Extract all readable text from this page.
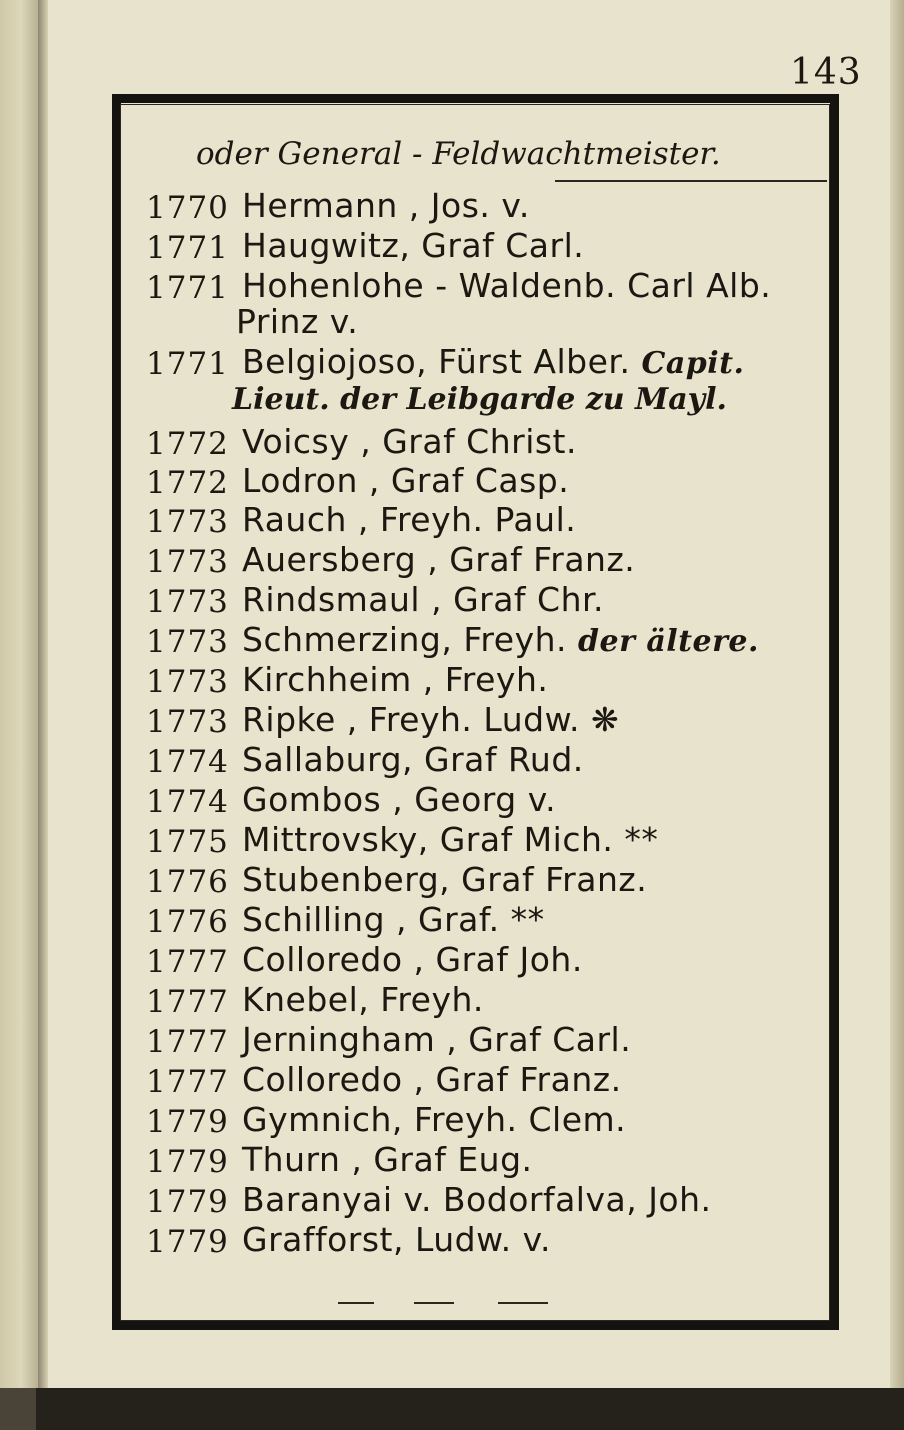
143
oder General - Feldwachtmeister.
1770 Hermann , Jos. v.
1771 Haugwitz, Graf Carl.
1771 Hohenlohe - Waldenb. Carl Alb.
Prinz v.
1771 Belgiojoso, Fürst Alber. Capit.
Lieut. der Leibgarde zu Mayl.
1772 Voicsy , Graf Christ.
1772 Lodron , Graf Casp.
1773 Rauch , Freyh. Paul.
1773 Auersberg , Graf Franz.
1773 Rindsmaul , Graf Chr.
1773 Schmerzing, Freyh. der ältere.
1773 Kirchheim , Freyh.
1773 Ripke , Freyh. Ludw. ❋
1774 Sallaburg, Graf Rud.
1774 Gombos , Georg v.
1775 Mittrovsky, Graf Mich. **
1776 Stubenberg, Graf Franz.
1776 Schilling , Graf. **
1777 Colloredo , Graf Joh.
1777 Knebel, Freyh.
1777 Jerningham , Graf Carl.
1777 Colloredo , Graf Franz.
1779 Gymnich, Freyh. Clem.
1779 Thurn , Graf Eug.
1779 Baranyai v. Bodorfalva, Joh.
1779 Grafforst, Ludw. v.
